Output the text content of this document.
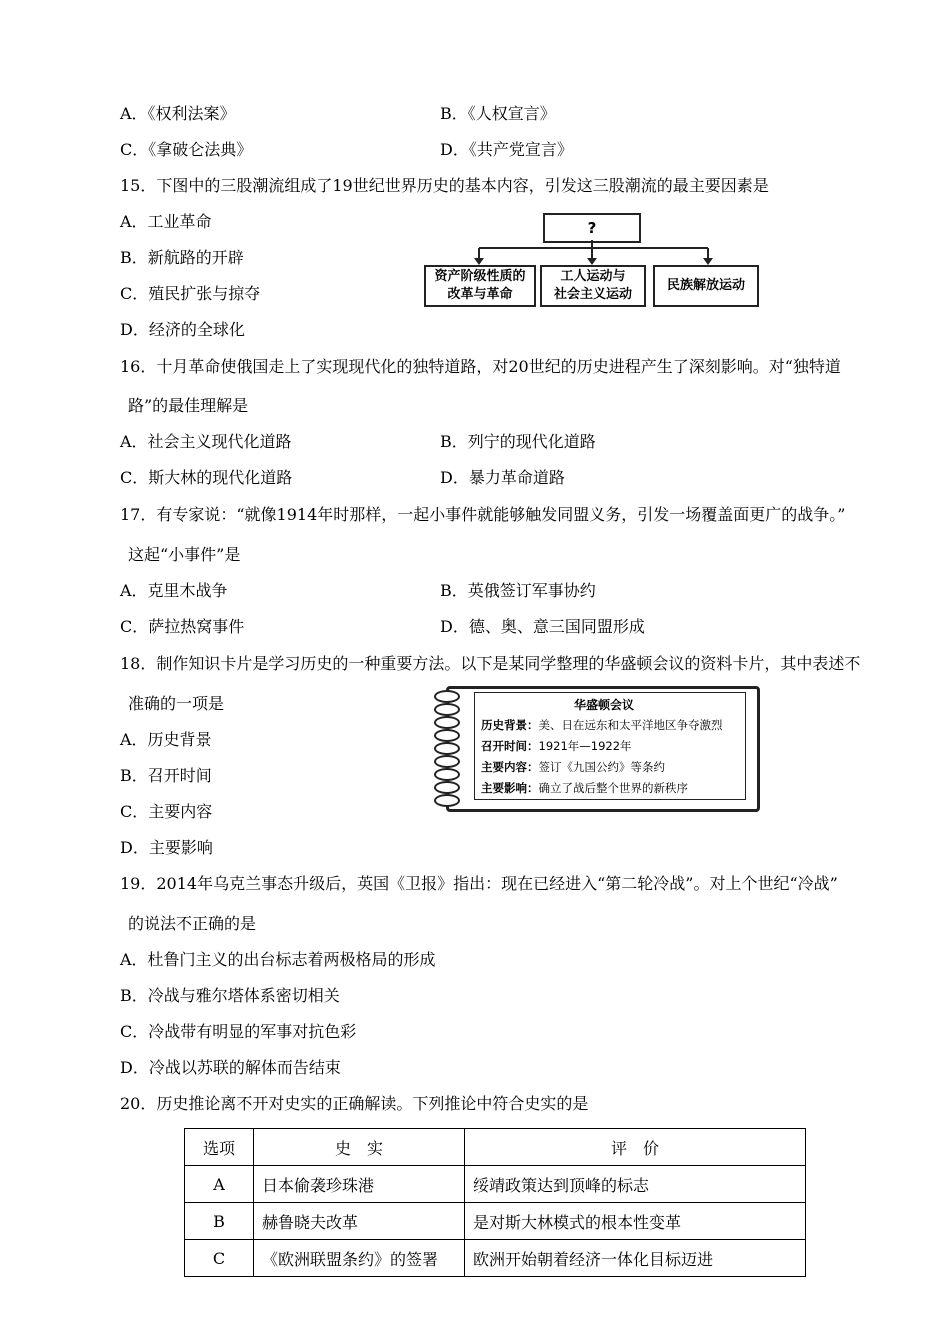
A．《权利法案》	B．《人权宣言》
C．《拿破仑法典》	D．《共产党宣言》
15．下图中的三股潮流组成了19世纪世界历史的基本内容，引发这三股潮流的最主要因素是
A．工业革命
B．新航路的开辟
C．殖民扩张与掠夺
D．经济的全球化
?
资产阶级性质的
改革与革命
工人运动与
社会主义运动
民族解放运动
16．十月革命使俄国走上了实现现代化的独特道路，对20世纪的历史进程产生了深刻影响。对“独特道
路”的最佳理解是
A．社会主义现代化道路	B．列宁的现代化道路
C．斯大林的现代化道路	D．暴力革命道路
17．有专家说：“就像1914年时那样，一起小事件就能够触发同盟义务，引发一场覆盖面更广的战争。”
这起“小事件”是
A．克里木战争	B．英俄签订军事协约
C．萨拉热窝事件	D．德、奥、意三国同盟形成
18．制作知识卡片是学习历史的一种重要方法。以下是某同学整理的华盛顿会议的资料卡片，其中表述不
准确的一项是
A．历史背景
B．召开时间
C．主要内容
D．主要影响
华盛顿会议
历史背景：美、日在远东和太平洋地区争夺激烈
召开时间：1921年—1922年
主要内容：签订《九国公约》等条约
主要影响：确立了战后整个世界的新秩序
19．2014年乌克兰事态升级后，英国《卫报》指出：现在已经进入“第二轮冷战”。对上个世纪“冷战”
的说法不正确的是
A．杜鲁门主义的出台标志着两极格局的形成
B．冷战与雅尔塔体系密切相关
C．冷战带有明显的军事对抗色彩
D．冷战以苏联的解体而告结束
20．历史推论离不开对史实的正确解读。下列推论中符合史实的是
选项	史　实	评　价
A	日本偷袭珍珠港	绥靖政策达到顶峰的标志
B	赫鲁晓夫改革	是对斯大林模式的根本性变革
C	《欧洲联盟条约》的签署	欧洲开始朝着经济一体化目标迈进
